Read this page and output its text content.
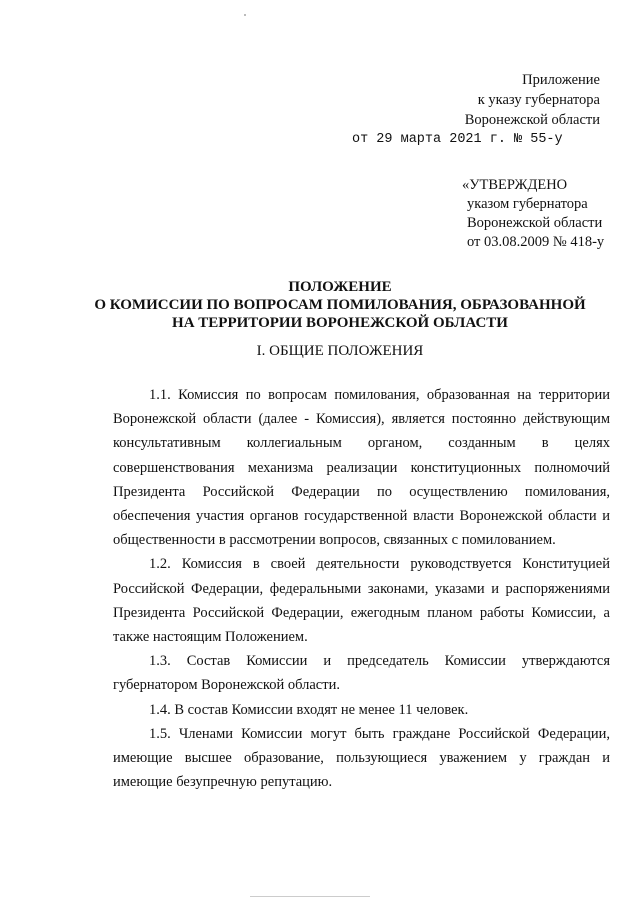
Приложение
к указу губернатора
Воронежской области
от 29 марта 2021 г. № 55-у
«УТВЕРЖДЕНО
указом губернатора
Воронежской области
от 03.08.2009 № 418-у
ПОЛОЖЕНИЕ
О КОМИССИИ ПО ВОПРОСАМ ПОМИЛОВАНИЯ, ОБРАЗОВАННОЙ
НА ТЕРРИТОРИИ ВОРОНЕЖСКОЙ ОБЛАСТИ
I. ОБЩИЕ ПОЛОЖЕНИЯ

1.1. Комиссия по вопросам помилования, образованная на территории Воронежской области (далее - Комиссия), является постоянно действующим консультативным коллегиальным органом, созданным в целях совершенствования механизма реализации конституционных полномочий Президента Российской Федерации по осуществлению помилования, обеспечения участия органов государственной власти Воронежской области и общественности в рассмотрении вопросов, связанных с помилованием.

1.2. Комиссия в своей деятельности руководствуется Конституцией Российской Федерации, федеральными законами, указами и распоряжениями Президента Российской Федерации, ежегодным планом работы Комиссии, а также настоящим Положением.

1.3. Состав Комиссии и председатель Комиссии утверждаются губернатором Воронежской области.

1.4. В состав Комиссии входят не менее 11 человек.

1.5. Членами Комиссии могут быть граждане Российской Федерации, имеющие высшее образование, пользующиеся уважением у граждан и имеющие безупречную репутацию.
